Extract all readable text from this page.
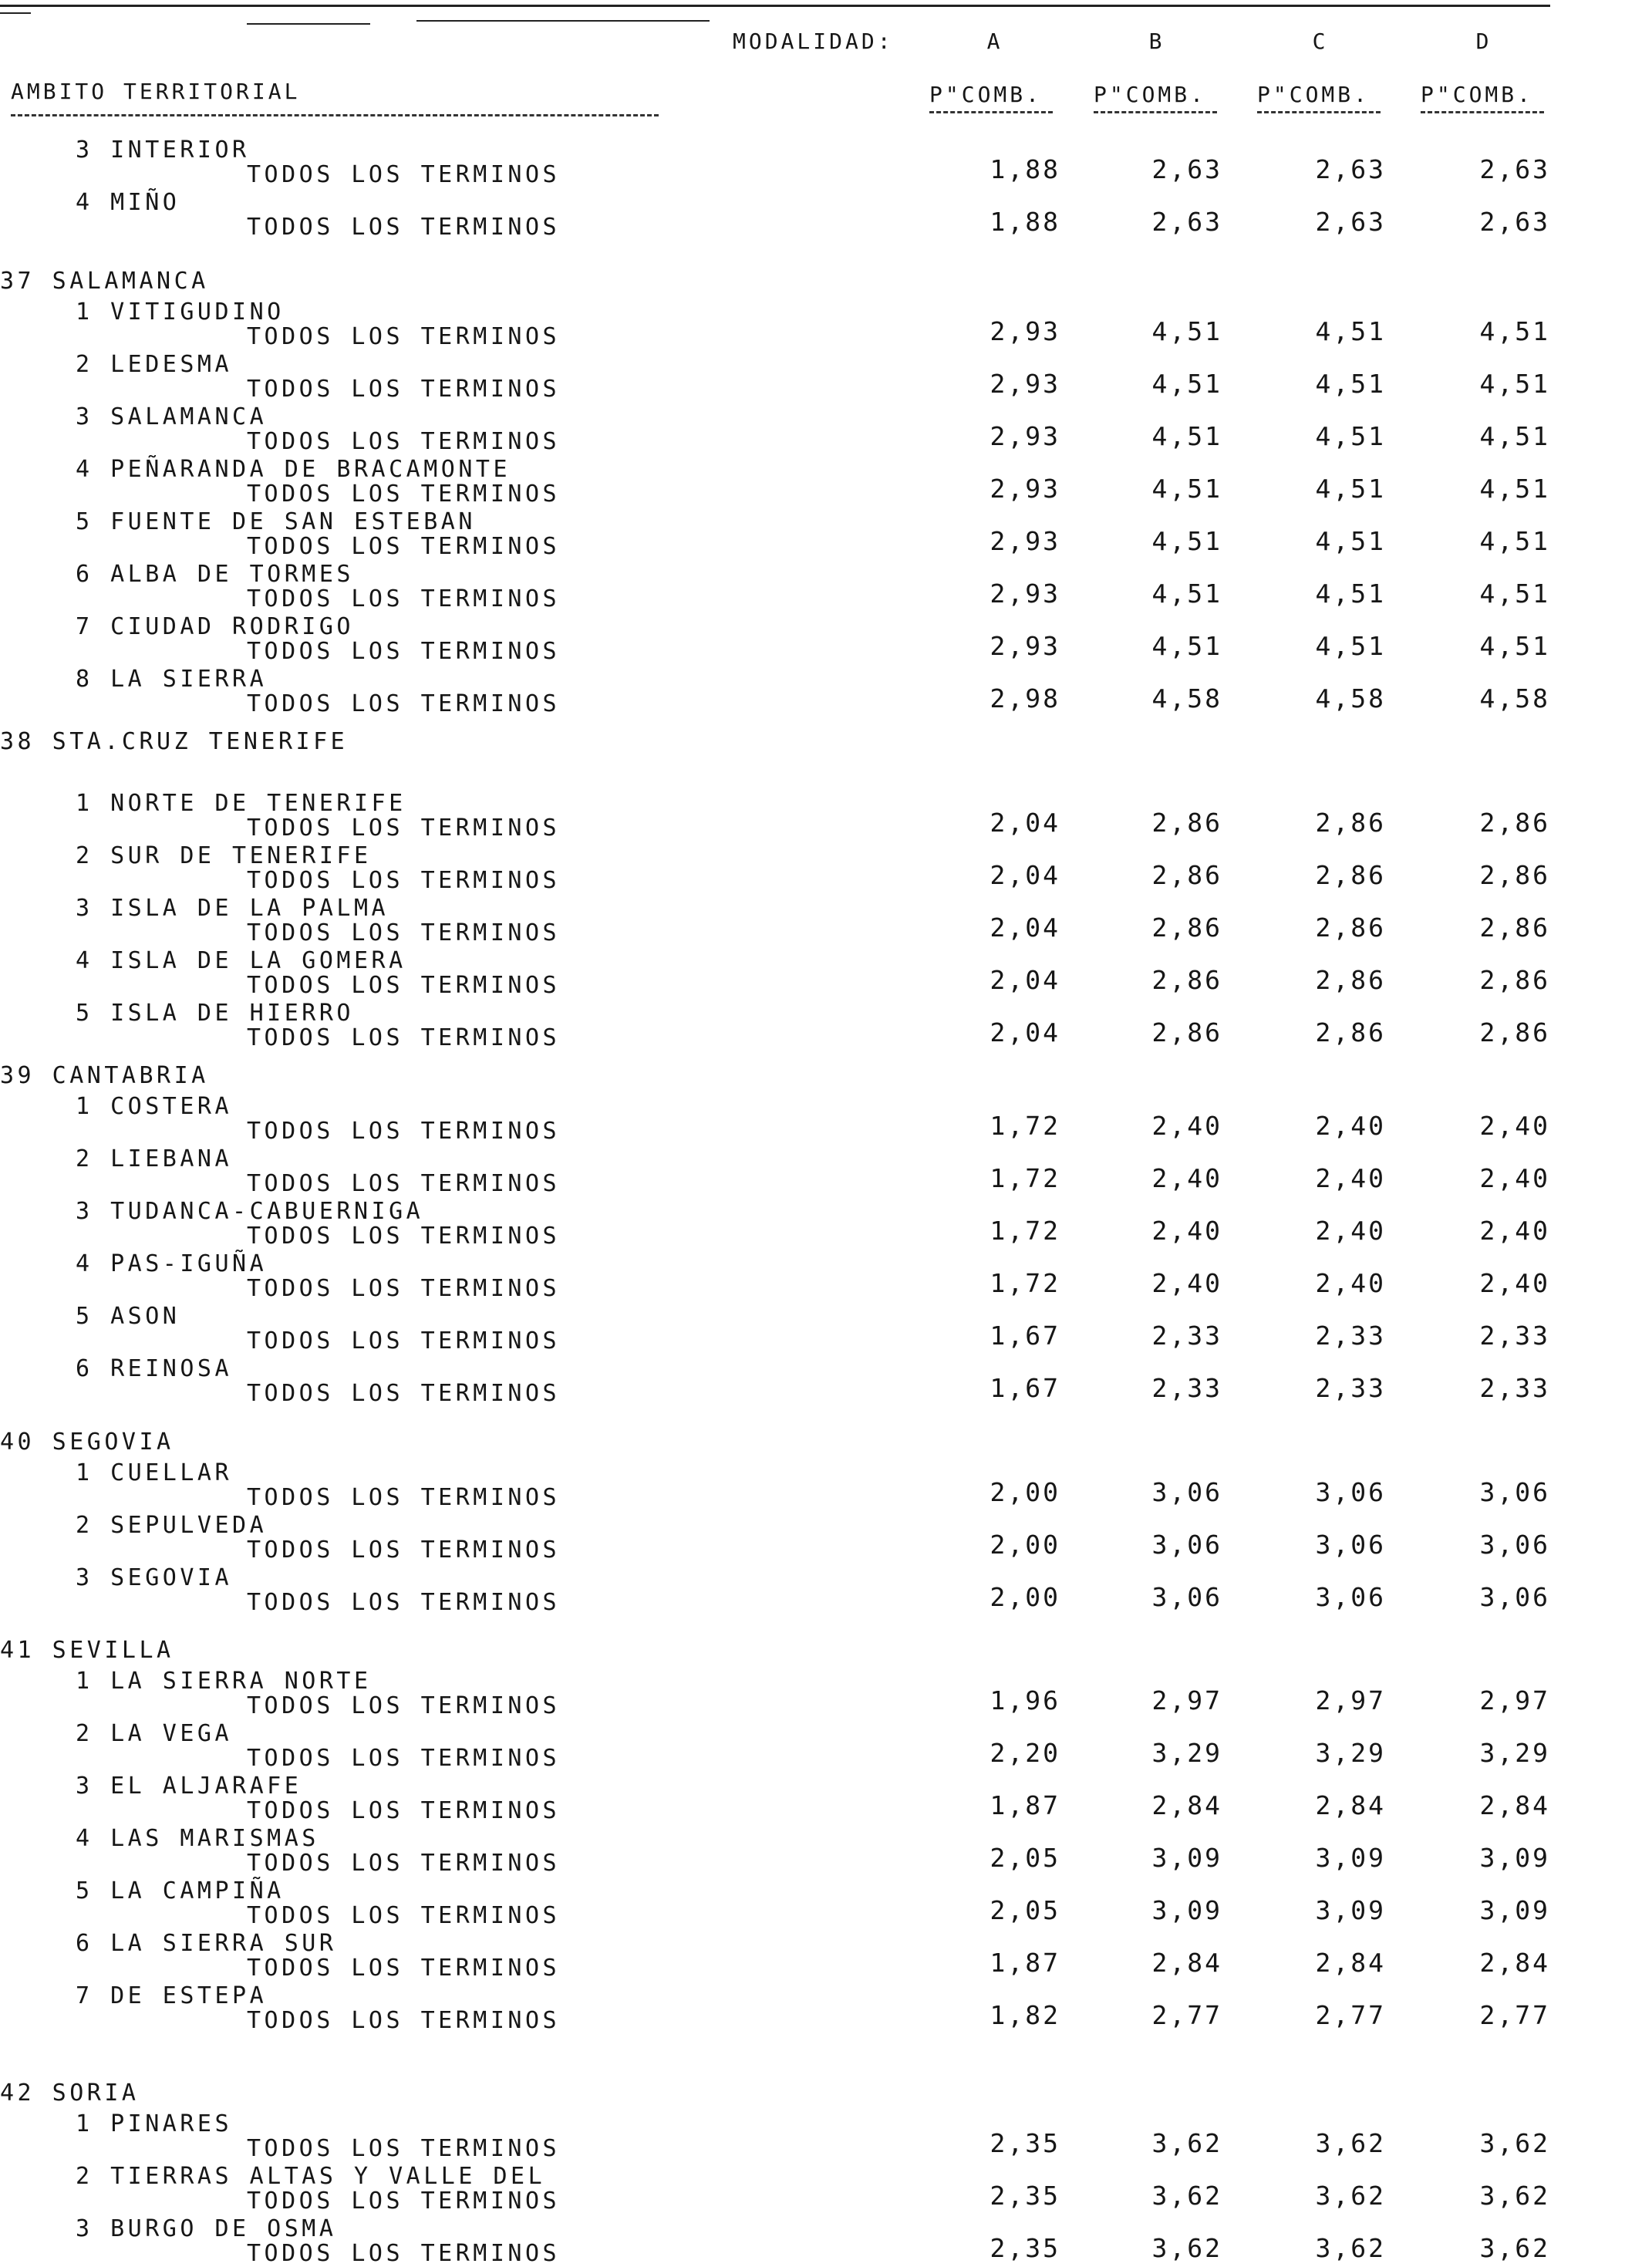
MODALIDAD:	A	B	C	D
AMBITO TERRITORIAL	P"COMB. P"COMB. P"COMB. P"COMB.
3 INTERIOR
TODOS LOS TERMINOS	1,88	2,63	2,63	2,63
4 MIÑO
TODOS LOS TERMINOS	1,88	2,63	2,63	2,63
37 SALAMANCA
1 VITIGUDINO
TODOS LOS TERMINOS	2,93	4,51	4,51	4,51
2 LEDESMA
TODOS LOS TERMINOS	2,93	4,51	4,51	4,51
3 SALAMANCA
TODOS LOS TERMINOS	2,93	4,51	4,51	4,51
4 PEÑARANDA DE BRACAMONTE
TODOS LOS TERMINOS	2,93	4,51	4,51	4,51
5 FUENTE DE SAN ESTEBAN
TODOS LOS TERMINOS	2,93	4,51	4,51	4,51
6 ALBA DE TORMES
TODOS LOS TERMINOS	2,93	4,51	4,51	4,51
7 CIUDAD RODRIGO
TODOS LOS TERMINOS	2,93	4,51	4,51	4,51
8 LA SIERRA
TODOS LOS TERMINOS	2,98	4,58	4,58	4,58
38 STA.CRUZ TENERIFE
1 NORTE DE TENERIFE
TODOS LOS TERMINOS	2,04	2,86	2,86	2,86
2 SUR DE TENERIFE
TODOS LOS TERMINOS	2,04	2,86	2,86	2,86
3 ISLA DE LA PALMA
TODOS LOS TERMINOS	2,04	2,86	2,86	2,86
4 ISLA DE LA GOMERA
TODOS LOS TERMINOS	2,04	2,86	2,86	2,86
5 ISLA DE HIERRO
TODOS LOS TERMINOS	2,04	2,86	2,86	2,86
39 CANTABRIA
1 COSTERA
TODOS LOS TERMINOS	1,72	2,40	2,40	2,40
2 LIEBANA
TODOS LOS TERMINOS	1,72	2,40	2,40	2,40
3 TUDANCA-CABUERNIGA
TODOS LOS TERMINOS	1,72	2,40	2,40	2,40
4 PAS-IGUÑA
TODOS LOS TERMINOS	1,72	2,40	2,40	2,40
5 ASON
TODOS LOS TERMINOS	1,67	2,33	2,33	2,33
6 REINOSA
TODOS LOS TERMINOS	1,67	2,33	2,33	2,33
40 SEGOVIA
1 CUELLAR
TODOS LOS TERMINOS	2,00	3,06	3,06	3,06
2 SEPULVEDA
TODOS LOS TERMINOS	2,00	3,06	3,06	3,06
3 SEGOVIA
TODOS LOS TERMINOS	2,00	3,06	3,06	3,06
41 SEVILLA
1 LA SIERRA NORTE
TODOS LOS TERMINOS	1,96	2,97	2,97	2,97
2 LA VEGA
TODOS LOS TERMINOS	2,20	3,29	3,29	3,29
3 EL ALJARAFE
TODOS LOS TERMINOS	1,87	2,84	2,84	2,84
4 LAS MARISMAS
TODOS LOS TERMINOS	2,05	3,09	3,09	3,09
5 LA CAMPIÑA
TODOS LOS TERMINOS	2,05	3,09	3,09	3,09
6 LA SIERRA SUR
TODOS LOS TERMINOS	1,87	2,84	2,84	2,84
7 DE ESTEPA
TODOS LOS TERMINOS	1,82	2,77	2,77	2,77
42 SORIA
1 PINARES
TODOS LOS TERMINOS	2,35	3,62	3,62	3,62
2 TIERRAS ALTAS Y VALLE DEL
TODOS LOS TERMINOS	2,35	3,62	3,62	3,62
3 BURGO DE OSMA
TODOS LOS TERMINOS	2,35	3,62	3,62	3,62
